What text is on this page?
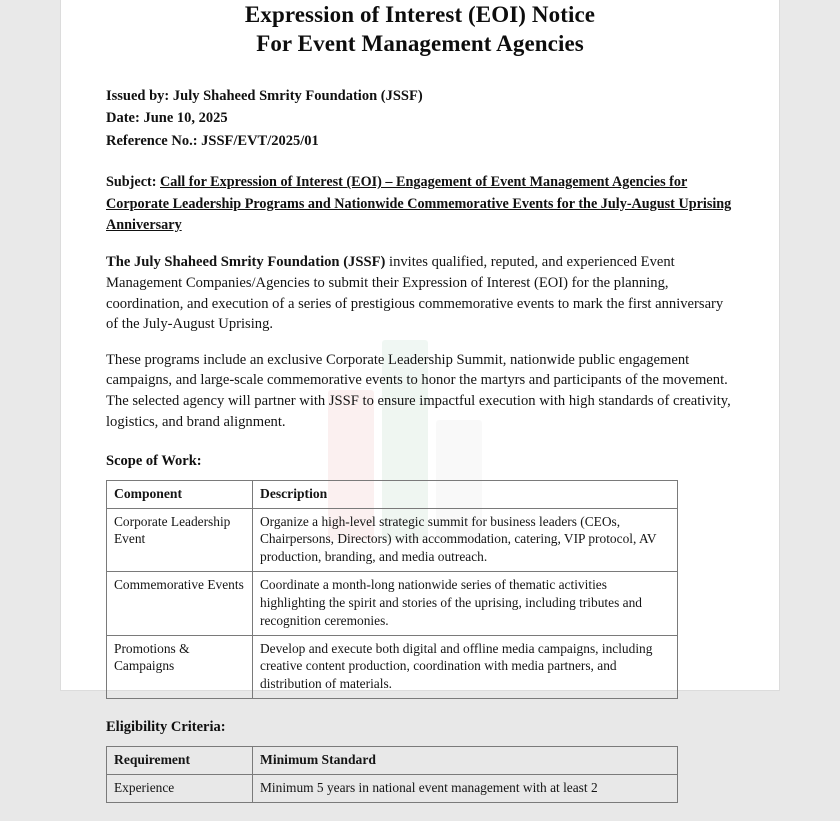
Expression of Interest (EOI) Notice
For Event Management Agencies
Issued by: July Shaheed Smrity Foundation (JSSF)
Date: June 10, 2025
Reference No.: JSSF/EVT/2025/01
Subject: Call for Expression of Interest (EOI) – Engagement of Event Management Agencies for Corporate Leadership Programs and Nationwide Commemorative Events for the July-August Uprising Anniversary

The July Shaheed Smrity Foundation (JSSF) invites qualified, reputed, and experienced Event Management Companies/Agencies to submit their Expression of Interest (EOI) for the planning, coordination, and execution of a series of prestigious commemorative events to mark the first anniversary of the July-August Uprising.

These programs include an exclusive Corporate Leadership Summit, nationwide public engagement campaigns, and large-scale commemorative events to honor the martyrs and participants of the movement. The selected agency will partner with JSSF to ensure impactful execution with high standards of creativity, logistics, and brand alignment.

Scope of Work:
Component	Description
Corporate Leadership Event	Organize a high-level strategic summit for business leaders (CEOs, Chairpersons, Directors) with accommodation, catering, VIP protocol, AV production, branding, and media outreach.
Commemorative Events	Coordinate a month-long nationwide series of thematic activities highlighting the spirit and stories of the uprising, including tributes and recognition ceremonies.
Promotions & Campaigns	Develop and execute both digital and offline media campaigns, including creative content production, coordination with media partners, and distribution of materials.
Eligibility Criteria:
Requirement	Minimum Standard
Experience	Minimum 5 years in national event management with at least 2
